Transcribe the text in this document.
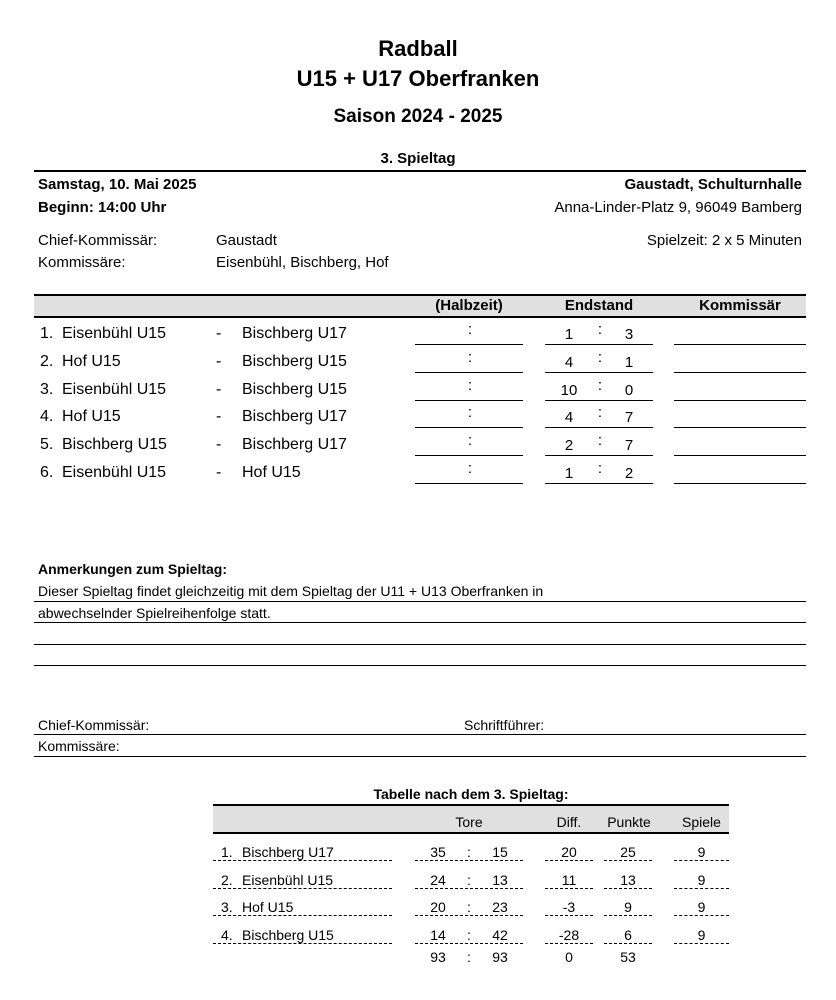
Radball
U15 + U17 Oberfranken
Saison 2024 - 2025
3. Spieltag
Samstag, 10. Mai 2025
Beginn: 14:00 Uhr
Gaustadt, Schulturnhalle
Anna-Linder-Platz 9, 96049 Bamberg
Chief-Kommissär:	Gaustadt
Kommissäre:	Eisenbühl, Bischberg, Hof
Spielzeit: 2 x 5 Minuten
(Halbzeit)	Endstand	Kommissär
1. Eisenbühl U15	- Bischberg U17	:	1	:	3
2. Hof U15	- Bischberg U15	:	4	:	1
3. Eisenbühl U15	- Bischberg U15	:	10	:	0
4. Hof U15	- Bischberg U17	:	4	:	7
5. Bischberg U15	- Bischberg U17	:	2	:	7
6. Eisenbühl U15	- Hof U15	:	1	:	2
Anmerkungen zum Spieltag:
Dieser Spieltag findet gleichzeitig mit dem Spieltag der U11 + U13 Oberfranken in
abwechselnder Spielreihenfolge statt.
Chief-Kommissär:	Schriftführer:
Kommissäre:
Tabelle nach dem 3. Spieltag:
Tore	Diff.	Punkte	Spiele
1. Bischberg U17	35	:	15	20	25	9
2. Eisenbühl U15	24	:	13	11	13	9
3. Hof U15	20	:	23	-3	9	9
4. Bischberg U15	14	:	42	-28	6	9
93	:	93	0	53
